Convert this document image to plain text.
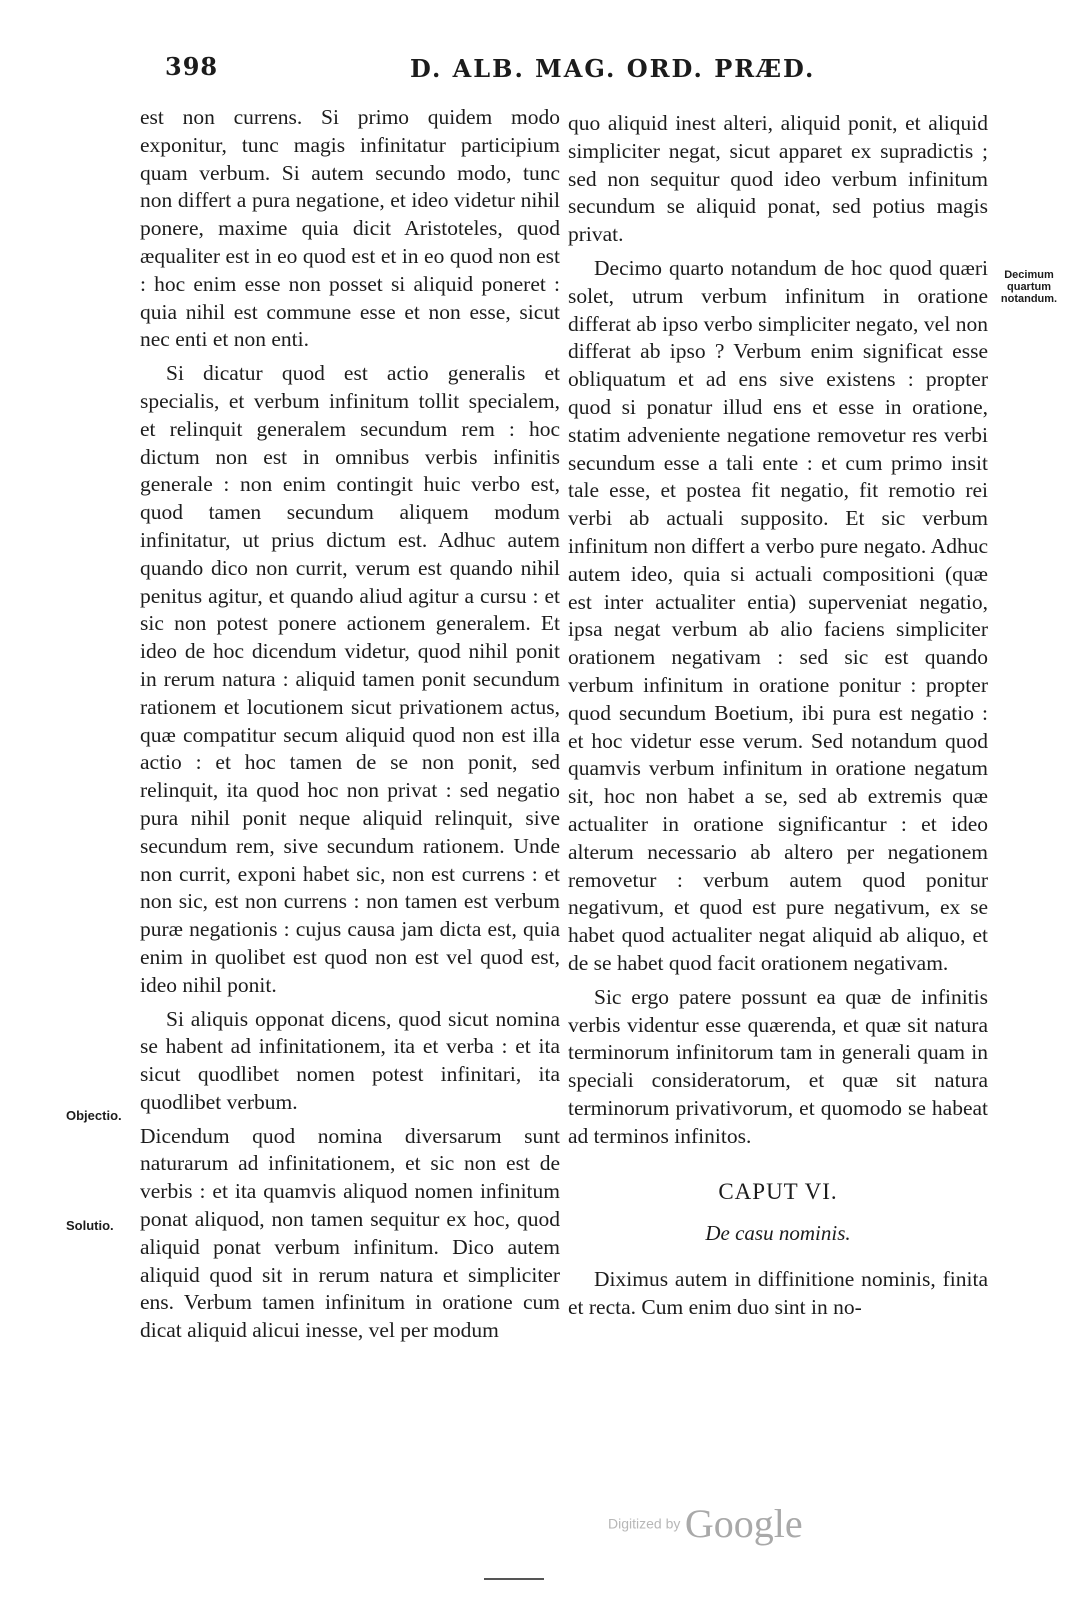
398	D. ALB. MAG. ORD. PRÆD.

est non currens. Si primo quidem modo exponitur, tunc magis infinitatur participium quam verbum. Si autem secundo modo, tunc non differt a pura negatione, et ideo videtur nihil ponere, maxime quia dicit Aristoteles, quod æqualiter est in eo quod est et in eo quod non est : hoc enim esse non posset si aliquid poneret : quia nihil est commune esse et non esse, sicut nec enti et non enti.

Si dicatur quod est actio generalis et specialis, et verbum infinitum tollit specialem, et relinquit generalem secundum rem : hoc dictum non est in omnibus verbis infinitis generale : non enim contingit huic verbo est, quod tamen secundum aliquem modum infinitatur, ut prius dictum est. Adhuc autem quando dico non currit, verum est quando nihil penitus agitur, et quando aliud agitur a cursu : et sic non potest ponere actionem generalem. Et ideo de hoc dicendum videtur, quod nihil ponit in rerum natura : aliquid tamen ponit secundum rationem et locutionem sicut privationem actus, quæ compatitur secum aliquid quod non est illa actio : et hoc tamen de se non ponit, sed relinquit, ita quod hoc non privat : sed negatio pura nihil ponit neque aliquid relinquit, sive secundum rem, sive secundum rationem. Unde non currit, exponi habet sic, non est currens : et non sic, est non currens : non tamen est verbum puræ negationis : cujus causa jam dicta est, quia enim in quolibet est quod non est vel quod est, ideo nihil ponit.

Si aliquis opponat dicens, quod sicut nomina se habent ad infinitationem, ita et verba : et ita sicut quodlibet nomen potest infinitari, ita quodlibet verbum.

Dicendum quod nomina diversarum sunt naturarum ad infinitationem, et sic non est de verbis : et ita quamvis aliquod nomen infinitum ponat aliquod, non tamen sequitur ex hoc, quod aliquid ponat verbum infinitum. Dico autem aliquid quod sit in rerum natura et simpliciter ens. Verbum tamen infinitum in oratione cum dicat aliquid alicui inesse, vel per modum

quo aliquid inest alteri, aliquid ponit, et aliquid simpliciter negat, sicut apparet ex supradictis ; sed non sequitur quod ideo verbum infinitum secundum se aliquid ponat, sed potius magis privat.

Decimo quarto notandum de hoc quod quæri solet, utrum verbum infinitum in oratione differat ab ipso verbo simpliciter negato, vel non differat ab ipso ? Verbum enim significat esse obliquatum et ad ens sive existens : propter quod si ponatur illud ens et esse in oratione, statim adveniente negatione removetur res verbi secundum esse a tali ente : et cum primo insit tale esse, et postea fit negatio, fit remotio rei verbi ab actuali supposito. Et sic verbum infinitum non differt a verbo pure negato. Adhuc autem ideo, quia si actuali compositioni (quæ est inter actualiter entia) superveniat negatio, ipsa negat verbum ab alio faciens simpliciter orationem negativam : sed sic est quando verbum infinitum in oratione ponitur : propter quod secundum Boetium, ibi pura est negatio : et hoc videtur esse verum. Sed notandum quod quamvis verbum infinitum in oratione negatum sit, hoc non habet a se, sed ab extremis quæ actualiter in oratione significantur : et ideo alterum necessario ab altero per negationem removetur : verbum autem quod ponitur negativum, et quod est pure negativum, ex se habet quod actualiter negat aliquid ab aliquo, et de se habet quod facit orationem negativam.

Sic ergo patere possunt ea quæ de infinitis verbis videntur esse quærenda, et quæ sit natura terminorum infinitorum tam in generali quam in speciali consideratorum, et quæ sit natura terminorum privativorum, et quomodo se habeat ad terminos infinitos.

CAPUT VI.
De casu nominis.

Diximus autem in diffinitione nominis, finita et recta. Cum enim duo sint in no-

Objectio.
Solutio.
Decimum
quartum
notandum.
Digitized by Google
